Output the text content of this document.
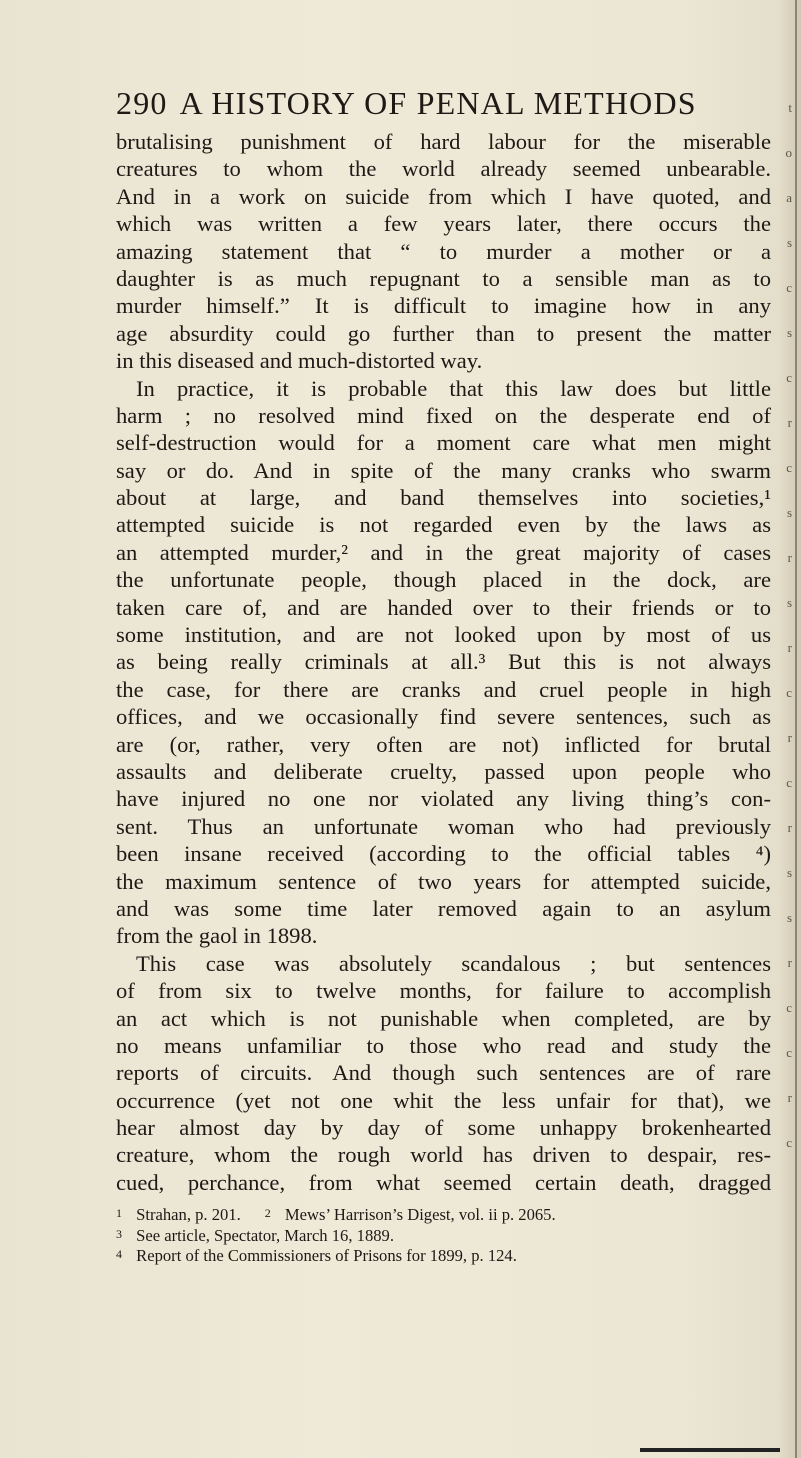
290 A HISTORY OF PENAL METHODS
brutalising punishment of hard labour for the miserable
creatures to whom the world already seemed unbearable.
And in a work on suicide from which I have quoted, and
which was written a few years later, there occurs the
amazing statement that “ to murder a mother or a
daughter is as much repugnant to a sensible man as to
murder himself.” It is difficult to imagine how in any
age absurdity could go further than to present the matter
in this diseased and much-distorted way.
In practice, it is probable that this law does but little
harm ; no resolved mind fixed on the desperate end of
self-destruction would for a moment care what men might
say or do. And in spite of the many cranks who swarm
about at large, and band themselves into societies,¹
attempted suicide is not regarded even by the laws as
an attempted murder,² and in the great majority of cases
the unfortunate people, though placed in the dock, are
taken care of, and are handed over to their friends or to
some institution, and are not looked upon by most of us
as being really criminals at all.³ But this is not always
the case, for there are cranks and cruel people in high
offices, and we occasionally find severe sentences, such as
are (or, rather, very often are not) inflicted for brutal
assaults and deliberate cruelty, passed upon people who
have injured no one nor violated any living thing’s con-
sent. Thus an unfortunate woman who had previously
been insane received (according to the official tables ⁴)
the maximum sentence of two years for attempted suicide,
and was some time later removed again to an asylum
from the gaol in 1898.
This case was absolutely scandalous ; but sentences
of from six to twelve months, for failure to accomplish
an act which is not punishable when completed, are by
no means unfamiliar to those who read and study the
reports of circuits. And though such sentences are of rare
occurrence (yet not one whit the less unfair for that), we
hear almost day by day of some unhappy brokenhearted
creature, whom the rough world has driven to despair, res-
cued, perchance, from what seemed certain death, dragged
1 Strahan, p. 201. 2 Mews’ Harrison’s Digest, vol. ii p. 2065.
3 See article, Spectator, March 16, 1889.
4 Report of the Commissioners of Prisons for 1899, p. 124.
t
o
a
s
c
s
c
r
c
s
r
s
r
c
r
c
r
s
s
r
c
c
r
c
